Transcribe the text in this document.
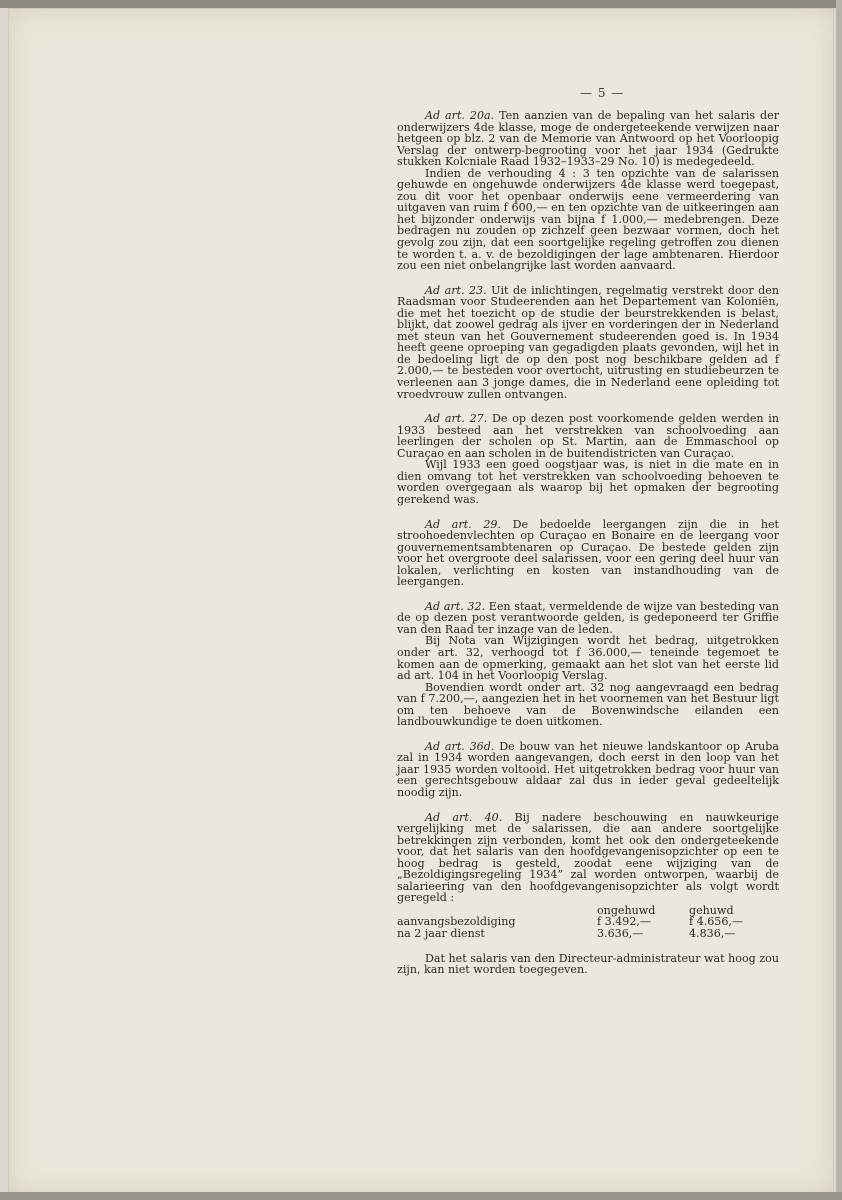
— 5 —

Ad art. 20a. Ten aanzien van de bepaling van het salaris der onderwijzers 4de klasse, moge de ondergeteekende verwijzen naar hetgeen op blz. 2 van de Memorie van Antwoord op het Voorloopig Verslag der ontwerp-begrooting voor het jaar 1934 (Gedrukte stukken Kolcniale Raad 1932–1933–29 No. 10) is medegedeeld.

Indien de verhouding 4 : 3 ten opzichte van de salarissen gehuwde en ongehuwde onderwijzers 4de klasse werd toegepast, zou dit voor het openbaar onderwijs eene vermeerdering van uitgaven van ruim f 600,— en ten opzichte van de uitkeeringen aan het bijzonder onderwijs van bijna f 1.000,— medebrengen. Deze bedragen nu zouden op zichzelf geen bezwaar vormen, doch het gevolg zou zijn, dat een soortgelijke regeling getroffen zou dienen te worden t. a. v. de bezoldigingen der lage ambtenaren. Hierdoor zou een niet onbelangrijke last worden aanvaard.

Ad art. 23. Uit de inlichtingen, regelmatig verstrekt door den Raadsman voor Studeerenden aan het Departement van Koloniën, die met het toezicht op de studie der beurstrekkenden is belast, blijkt, dat zoowel gedrag als ijver en vorderingen der in Nederland met steun van het Gouvernement studeerenden goed is. In 1934 heeft geene oproeping van gegadigden plaats gevonden, wijl het in de bedoeling ligt de op den post nog beschikbare gelden ad f 2.000,— te besteden voor overtocht, uitrusting en studiebeurzen te verleenen aan 3 jonge dames, die in Nederland eene opleiding tot vroedvrouw zullen ontvangen.

Ad art. 27. De op dezen post voorkomende gelden werden in 1933 besteed aan het verstrekken van schoolvoeding aan leerlingen der scholen op St. Martin, aan de Emmaschool op Curaçao en aan scholen in de buitendistricten van Curaçao.

Wijl 1933 een goed oogstjaar was, is niet in die mate en in dien omvang tot het verstrekken van schoolvoeding behoeven te worden overgegaan als waarop bij het opmaken der begrooting gerekend was.

Ad art. 29. De bedoelde leergangen zijn die in het stroohoedenvlechten op Curaçao en Bonaire en de leergang voor gouvernementsambtenaren op Curaçao. De bestede gelden zijn voor het overgroote deel salarissen, voor een gering deel huur van lokalen, verlichting en kosten van instandhouding van de leergangen.

Ad art. 32. Een staat, vermeldende de wijze van besteding van de op dezen post verantwoorde gelden, is gedeponeerd ter Griffie van den Raad ter inzage van de leden.

Bij Nota van Wijzigingen wordt het bedrag, uitgetrokken onder art. 32, verhoogd tot f 36.000,— teneinde tegemoet te komen aan de opmerking, gemaakt aan het slot van het eerste lid ad art. 104 in het Voorloopig Verslag.

Bovendien wordt onder art. 32 nog aangevraagd een bedrag van f 7.200,—, aangezien het in het voornemen van het Bestuur ligt om ten behoeve van de Bovenwindsche eilanden een landbouwkundige te doen uitkomen.

Ad art. 36d. De bouw van het nieuwe landskantoor op Aruba zal in 1934 worden aangevangen, doch eerst in den loop van het jaar 1935 worden voltooid. Het uitgetrokken bedrag voor huur van een gerechtsgebouw aldaar zal dus in ieder geval gedeeltelijk noodig zijn.

Ad art. 40. Bij nadere beschouwing en nauwkeurige vergelijking met de salarissen, die aan andere soortgelijke betrekkingen zijn verbonden, komt het ook den ondergeteekende voor, dat het salaris van den hoofdgevangenisopzichter op een te hoog bedrag is gesteld, zoodat eene wijziging van de „Bezoldigingsregeling 1934” zal worden ontworpen, waarbij de salarieering van den hoofdgevangenisopzichter als volgt wordt geregeld :

	ongehuwd	gehuwd
aanvangsbezoldiging	f 3.492,—	f 4.656,—
na 2 jaar dienst	3.636,—	4.836,—

Dat het salaris van den Directeur-administrateur wat hoog zou zijn, kan niet worden toegegeven.
